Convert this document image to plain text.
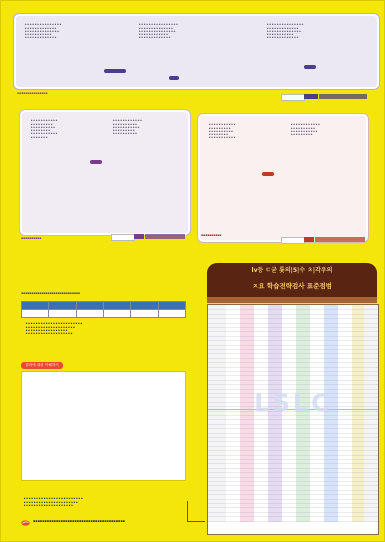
▪ ▪ ▪ ▪ ▪ ▪ ▪ ▪ ▪ ▪ ▪ ▪ ▪ ▪ ▪
▪ ▪ ▪ ▪ ▪ ▪ ▪ ▪ ▪ ▪ ▪ ▪ ▪
▪ ▪ ▪ ▪ ▪ ▪ ▪ ▪ ▪ ▪ ▪ ▪ ▪ ▪
▪ ▪ ▪ ▪ ▪ ▪ ▪ ▪ ▪ ▪ ▪
▪ ▪ ▪ ▪ ▪ ▪ ▪ ▪ ▪ ▪ ▪ ▪ ▪

▪ ▪ ▪ ▪ ▪ ▪ ▪ ▪ ▪ ▪ ▪ ▪ ▪ ▪ ▪ ▪
▪ ▪ ▪ ▪ ▪ ▪ ▪ ▪ ▪ ▪ ▪ ▪ ▪ ▪
▪ ▪ ▪ ▪ ▪ ▪ ▪ ▪ ▪ ▪ ▪ ▪ ▪ ▪ ▪
▪ ▪ ▪ ▪ ▪ ▪ ▪ ▪ ▪ ▪ ▪ ▪
▪ ▪ ▪ ▪ ▪ ▪ ▪ ▪ ▪ ▪ ▪ ▪ ▪

▪ ▪ ▪ ▪ ▪ ▪ ▪ ▪ ▪ ▪ ▪ ▪ ▪ ▪ ▪
▪ ▪ ▪ ▪ ▪ ▪ ▪ ▪ ▪ ▪ ▪ ▪ ▪
▪ ▪ ▪ ▪ ▪ ▪ ▪ ▪ ▪ ▪ ▪ ▪ ▪ ▪
▪ ▪ ▪ ▪ ▪ ▪ ▪ ▪ ▪ ▪ ▪
▪ ▪ ▪ ▪ ▪ ▪ ▪ ▪ ▪ ▪ ▪ ▪ ▪

▪▪▪▪▪▪▪▪▪▪▪▪▪▪▪

▪ ▪ ▪ ▪ ▪ ▪ ▪ ▪ ▪ ▪ ▪
▪ ▪ ▪ ▪ ▪ ▪ ▪ ▪ ▪
▪ ▪ ▪ ▪ ▪ ▪ ▪ ▪ ▪ ▪
▪ ▪ ▪ ▪ ▪ ▪ ▪ ▪
▪ ▪ ▪ ▪ ▪ ▪ ▪ ▪ ▪ ▪ ▪
▪ ▪ ▪ ▪ ▪ ▪ ▪

▪ ▪ ▪ ▪ ▪ ▪ ▪ ▪ ▪ ▪ ▪ ▪
▪ ▪ ▪ ▪ ▪ ▪ ▪ ▪ ▪ ▪
▪ ▪ ▪ ▪ ▪ ▪ ▪ ▪ ▪ ▪ ▪
▪ ▪ ▪ ▪ ▪ ▪ ▪ ▪ ▪
▪ ▪ ▪ ▪ ▪ ▪ ▪ ▪ ▪ ▪

▪▪▪▪▪▪▪▪▪▪

▪ ▪ ▪ ▪ ▪ ▪ ▪ ▪ ▪ ▪ ▪
▪ ▪ ▪ ▪ ▪ ▪ ▪ ▪ ▪
▪ ▪ ▪ ▪ ▪ ▪ ▪ ▪ ▪ ▪
▪ ▪ ▪ ▪ ▪ ▪ ▪ ▪
▪ ▪ ▪ ▪ ▪ ▪ ▪ ▪ ▪ ▪ ▪

▪ ▪ ▪ ▪ ▪ ▪ ▪ ▪ ▪ ▪ ▪ ▪
▪ ▪ ▪ ▪ ▪ ▪ ▪ ▪ ▪ ▪
▪ ▪ ▪ ▪ ▪ ▪ ▪ ▪ ▪ ▪ ▪
▪ ▪ ▪ ▪ ▪ ▪ ▪ ▪ ▪

▪▪▪▪▪▪▪▪▪▪
▪▪▪▪▪▪▪▪▪▪▪▪▪▪▪▪▪▪▪▪▪▪▪▪▪▪▪▪▪

▪ ▪ ▪ ▪ ▪ ▪ ▪ ▪ ▪ ▪ ▪ ▪ ▪ ▪ ▪ ▪ ▪ ▪ ▪ ▪ ▪ ▪ ▪
▪ ▪ ▪ ▪ ▪ ▪ ▪ ▪ ▪ ▪ ▪ ▪ ▪ ▪ ▪ ▪ ▪ ▪ ▪ ▪
▪ ▪ ▪ ▪ ▪ ▪ ▪ ▪ ▪ ▪ ▪ ▪ ▪ ▪ ▪ ▪ ▪
▪ ▪ ▪ ▪ ▪ ▪ ▪ ▪ ▪ ▪ ▪ ▪ ▪ ▪ ▪ ▪ ▪ ▪ ▪

결과에 대한 이해하기

▪ ▪ ▪ ▪ ▪ ▪ ▪ ▪ ▪ ▪ ▪ ▪ ▪ ▪ ▪ ▪ ▪ ▪ ▪ ▪ ▪ ▪ ▪ ▪
▪ ▪ ▪ ▪ ▪ ▪ ▪ ▪ ▪ ▪ ▪ ▪ ▪ ▪ ▪ ▪ ▪ ▪ ▪ ▪ ▪ ▪
▪ ▪ ▪ ▪ ▪ ▪ ▪ ▪ ▪ ▪ ▪ ▪ ▪ ▪ ▪ ▪ ▪ ▪ ▪ ▪

▪▪▪▪▪▪▪▪▪▪▪▪▪▪▪▪▪▪▪▪▪▪▪▪▪▪▪▪▪▪▪▪▪▪▪▪▪▪▪▪
lv등 ㄷ굳 롯의|5|수 ㅊ|각우의
ㅈ요 학습전략검사 표준점범
LSLC
